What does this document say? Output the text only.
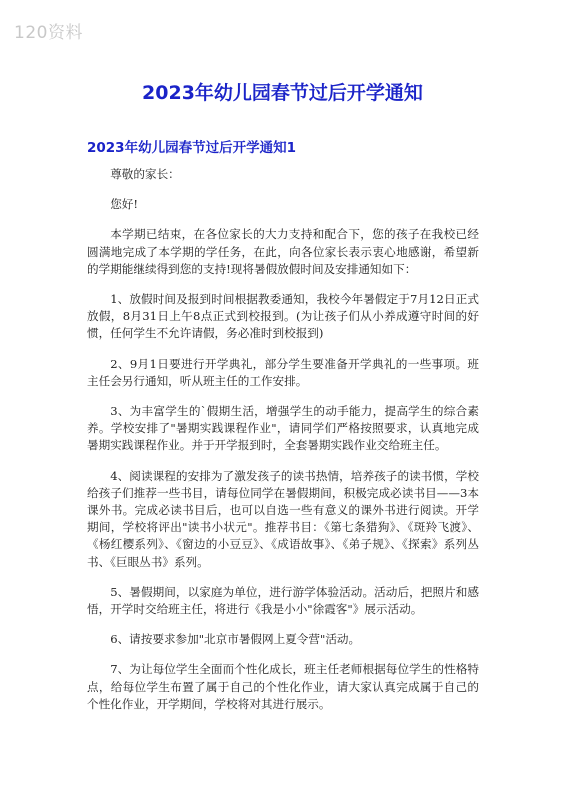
120资料
2023年幼儿园春节过后开学通知
2023年幼儿园春节过后开学通知1

尊敬的家长：

您好!

本学期已结束，在各位家长的大力支持和配合下，您的孩子在我校已经圆满地完成了本学期的学任务，在此，向各位家长表示衷心地感谢，希望新的学期能继续得到您的支持!现将暑假放假时间及安排通知如下：

1、放假时间及报到时间根据教委通知，我校今年暑假定于7月12日正式放假，8月31日上午8点正式到校报到。(为让孩子们从小养成遵守时间的好惯，任何学生不允许请假，务必准时到校报到)

2、9月1日要进行开学典礼，部分学生要准备开学典礼的一些事项。班主任会另行通知，听从班主任的工作安排。

3、为丰富学生的`假期生活，增强学生的动手能力，提高学生的综合素养。学校安排了"暑期实践课程作业"，请同学们严格按照要求，认真地完成暑期实践课程作业。并于开学报到时，全套暑期实践作业交给班主任。

4、阅读课程的安排为了激发孩子的读书热情，培养孩子的读书惯，学校给孩子们推荐一些书目，请每位同学在暑假期间，积极完成必读书目——3本课外书。完成必读书目后，也可以自选一些有意义的课外书进行阅读。开学期间，学校将评出"读书小状元"。推荐书目：《第七条猎狗》、《斑羚飞渡》、《杨红樱系列》、《窗边的小豆豆》、《成语故事》、《弟子规》、《探索》系列丛书、《巨眼丛书》系列。

5、暑假期间，以家庭为单位，进行游学体验活动。活动后，把照片和感悟，开学时交给班主任，将进行《我是小小"徐霞客"》展示活动。

6、请按要求参加"北京市暑假网上夏令营"活动。

7、为让每位学生全面而个性化成长，班主任老师根据每位学生的性格特点，给每位学生布置了属于自己的个性化作业，请大家认真完成属于自己的个性化作业，开学期间，学校将对其进行展示。
